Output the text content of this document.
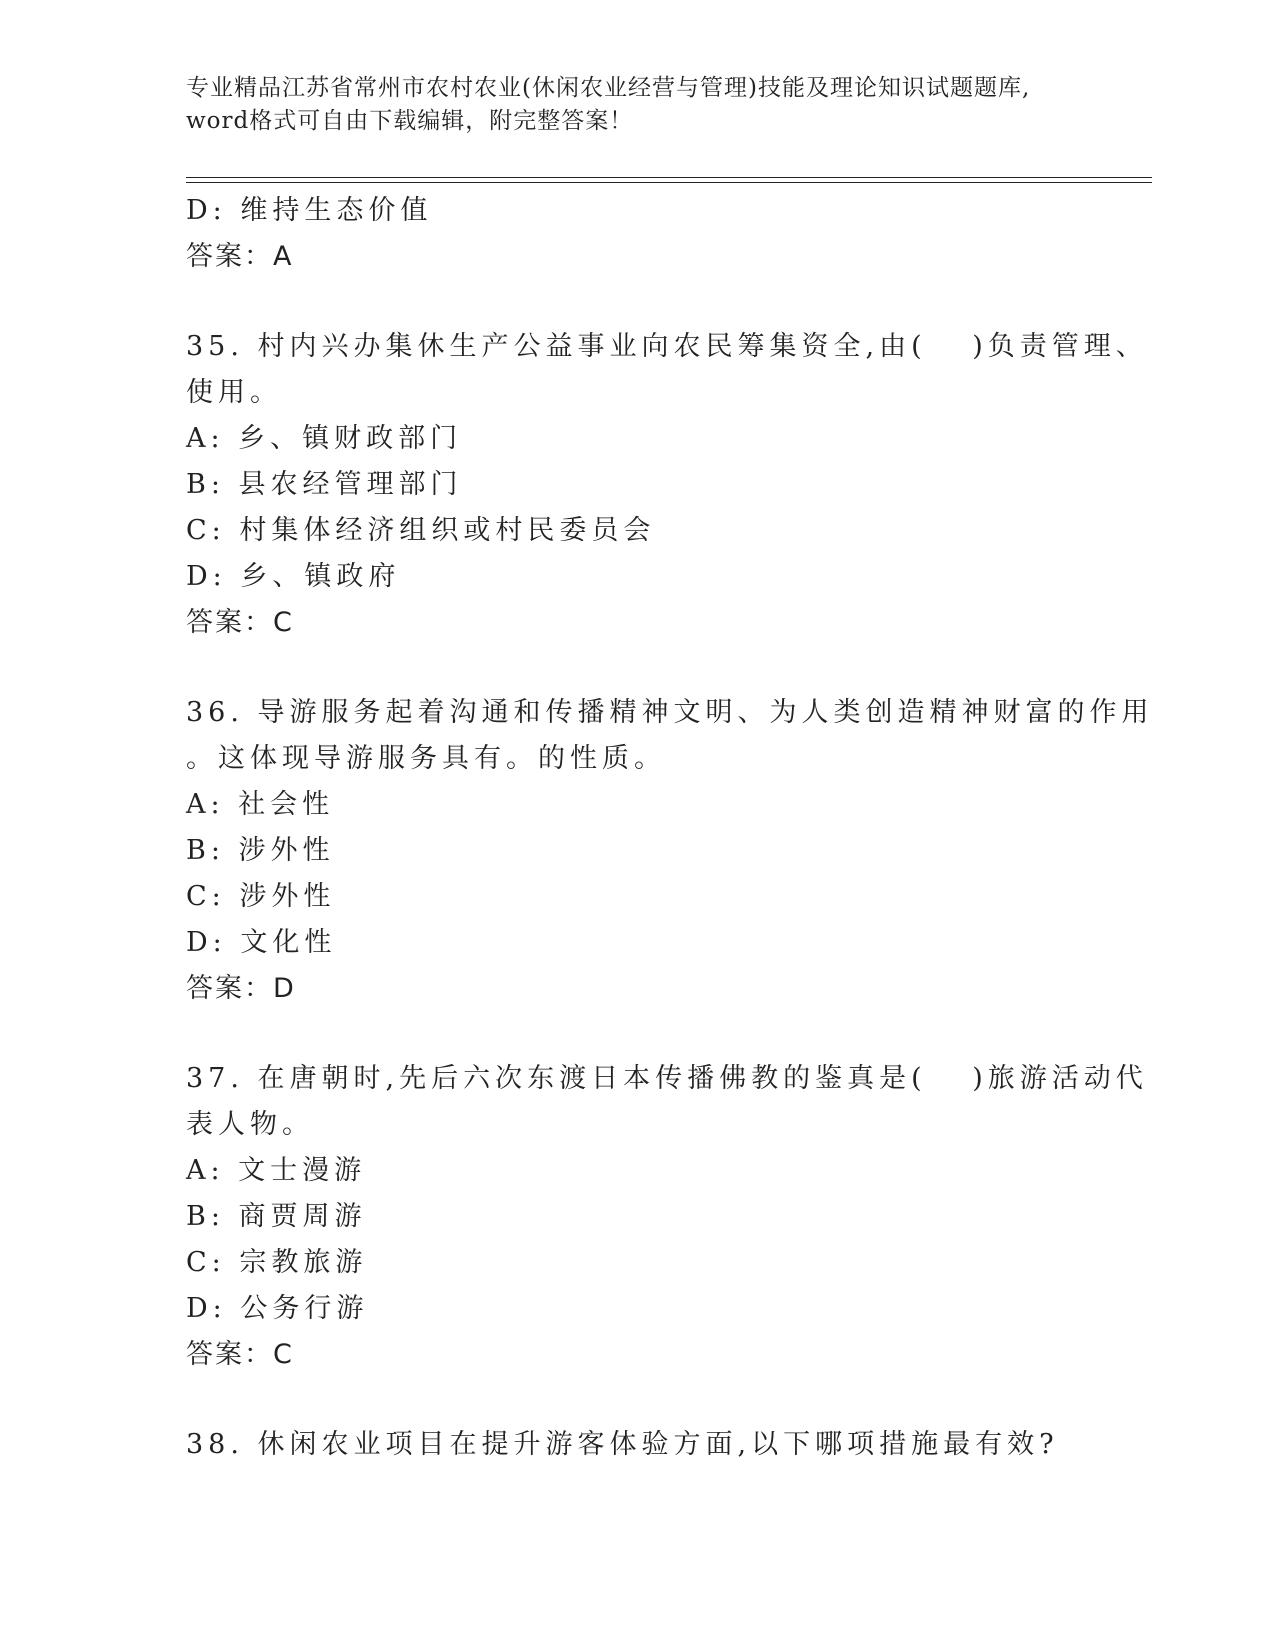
专业精品江苏省常州市农村农业(休闲农业经营与管理)技能及理论知识试题题库,
word格式可自由下载编辑，附完整答案！
D: 维持生态价值
答案：A
35. 村内兴办集休生产公益事业向农民筹集资全,由(　 )负责管理、
使用。
A: 乡、镇财政部门
B: 县农经管理部门
C: 村集体经济组织或村民委员会
D: 乡、镇政府
答案：C
36. 导游服务起着沟通和传播精神文明、为人类创造精神财富的作用
。这体现导游服务具有。的性质。
A: 社会性
B: 涉外性
C: 涉外性
D: 文化性
答案：D
37. 在唐朝时,先后六次东渡日本传播佛教的鉴真是(　 )旅游活动代
表人物。
A: 文士漫游
B: 商贾周游
C: 宗教旅游
D: 公务行游
答案：C
38. 休闲农业项目在提升游客体验方面,以下哪项措施最有效?
